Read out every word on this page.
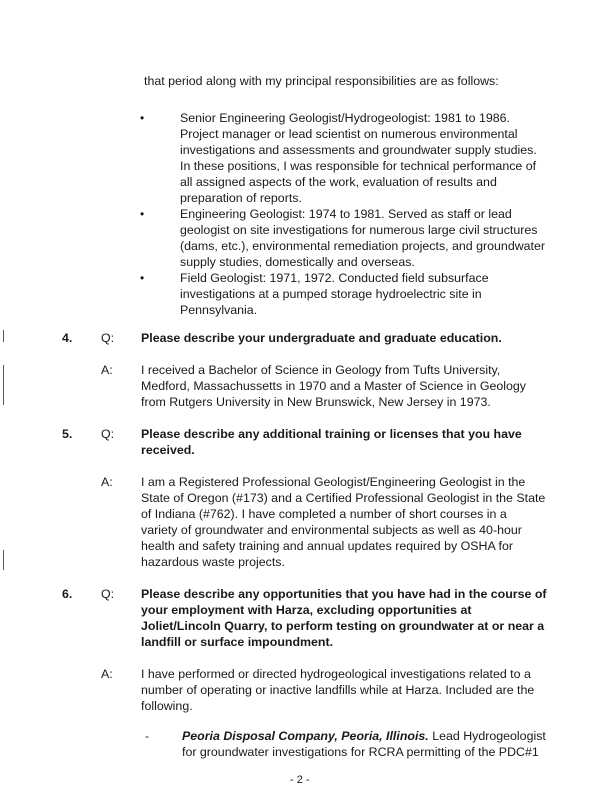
that period along with my principal responsibilities are as follows:
•	Senior Engineering Geologist/Hydrogeologist: 1981 to 1986.
Project manager or lead scientist on numerous environmental
investigations and assessments and groundwater supply studies.
In these positions, I was responsible for technical performance of
all assigned aspects of the work, evaluation of results and
preparation of reports.
•	Engineering Geologist: 1974 to 1981. Served as staff or lead
geologist on site investigations for numerous large civil structures
(dams, etc.), environmental remediation projects, and groundwater
supply studies, domestically and overseas.
•	Field Geologist: 1971, 1972. Conducted field subsurface
investigations at a pumped storage hydroelectric site in
Pennsylvania.
4. Q: Please describe your undergraduate and graduate education.
A: I received a Bachelor of Science in Geology from Tufts University,
Medford, Massachussetts in 1970 and a Master of Science in Geology
from Rutgers University in New Brunswick, New Jersey in 1973.
5. Q: Please describe any additional training or licenses that you have
received.
A: I am a Registered Professional Geologist/Engineering Geologist in the
State of Oregon (#173) and a Certified Professional Geologist in the State
of Indiana (#762). I have completed a number of short courses in a
variety of groundwater and environmental subjects as well as 40-hour
health and safety training and annual updates required by OSHA for
hazardous waste projects.
6. Q: Please describe any opportunities that you have had in the course of
your employment with Harza, excluding opportunities at
Joliet/Lincoln Quarry, to perform testing on groundwater at or near a
landfill or surface impoundment.
A: I have performed or directed hydrogeological investigations related to a
number of operating or inactive landfills while at Harza. Included are the
following.
-	Peoria Disposal Company, Peoria, Illinois. Lead Hydrogeologist
for groundwater investigations for RCRA permitting of the PDC#1
- 2 -
